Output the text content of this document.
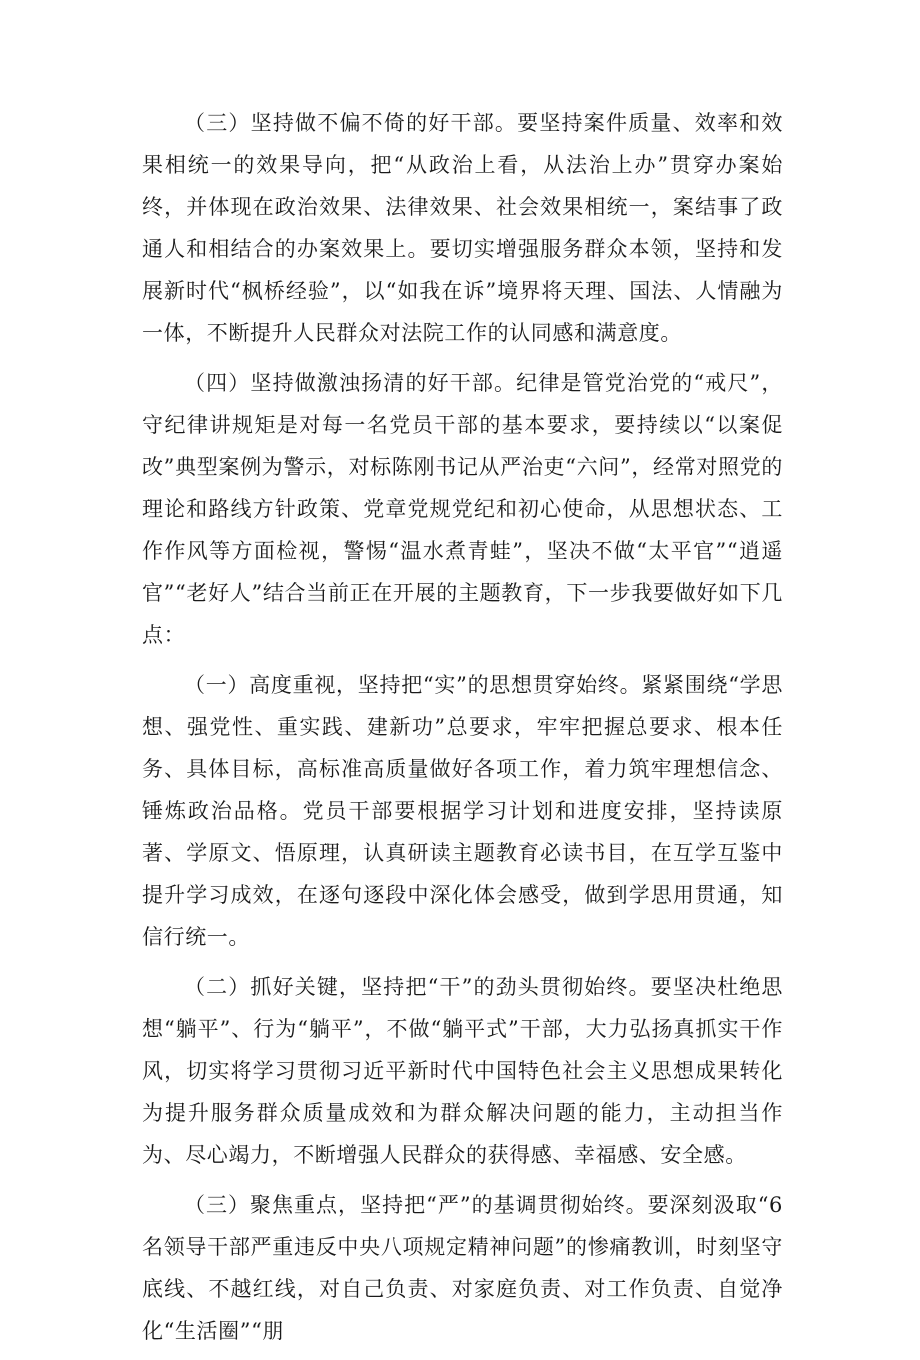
（三）坚持做不偏不倚的好干部。要坚持案件质量、效率和效果相统一的效果导向，把“从政治上看，从法治上办”贯穿办案始终，并体现在政治效果、法律效果、社会效果相统一，案结事了政通人和相结合的办案效果上。要切实增强服务群众本领，坚持和发展新时代“枫桥经验”，以“如我在诉”境界将天理、国法、人情融为一体，不断提升人民群众对法院工作的认同感和满意度。

（四）坚持做激浊扬清的好干部。纪律是管党治党的“戒尺”，守纪律讲规矩是对每一名党员干部的基本要求，要持续以“以案促改”典型案例为警示，对标陈刚书记从严治吏“六问”，经常对照党的理论和路线方针政策、党章党规党纪和初心使命，从思想状态、工作作风等方面检视，警惕“温水煮青蛙”，坚决不做“太平官”“逍遥官”“老好人”结合当前正在开展的主题教育，下一步我要做好如下几点：

（一）高度重视，坚持把“实”的思想贯穿始终。紧紧围绕“学思想、强党性、重实践、建新功”总要求，牢牢把握总要求、根本任务、具体目标，高标准高质量做好各项工作，着力筑牢理想信念、锤炼政治品格。党员干部要根据学习计划和进度安排，坚持读原著、学原文、悟原理，认真研读主题教育必读书目，在互学互鉴中提升学习成效，在逐句逐段中深化体会感受，做到学思用贯通，知信行统一。

（二）抓好关键，坚持把“干”的劲头贯彻始终。要坚决杜绝思想“躺平”、行为“躺平”，不做“躺平式”干部，大力弘扬真抓实干作风，切实将学习贯彻习近平新时代中国特色社会主义思想成果转化为提升服务群众质量成效和为群众解决问题的能力，主动担当作为、尽心竭力，不断增强人民群众的获得感、幸福感、安全感。

（三）聚焦重点，坚持把“严”的基调贯彻始终。要深刻汲取“6名领导干部严重违反中央八项规定精神问题”的惨痛教训，时刻坚守底线、不越红线，对自己负责、对家庭负责、对工作负责、自觉净化“生活圈”“朋
